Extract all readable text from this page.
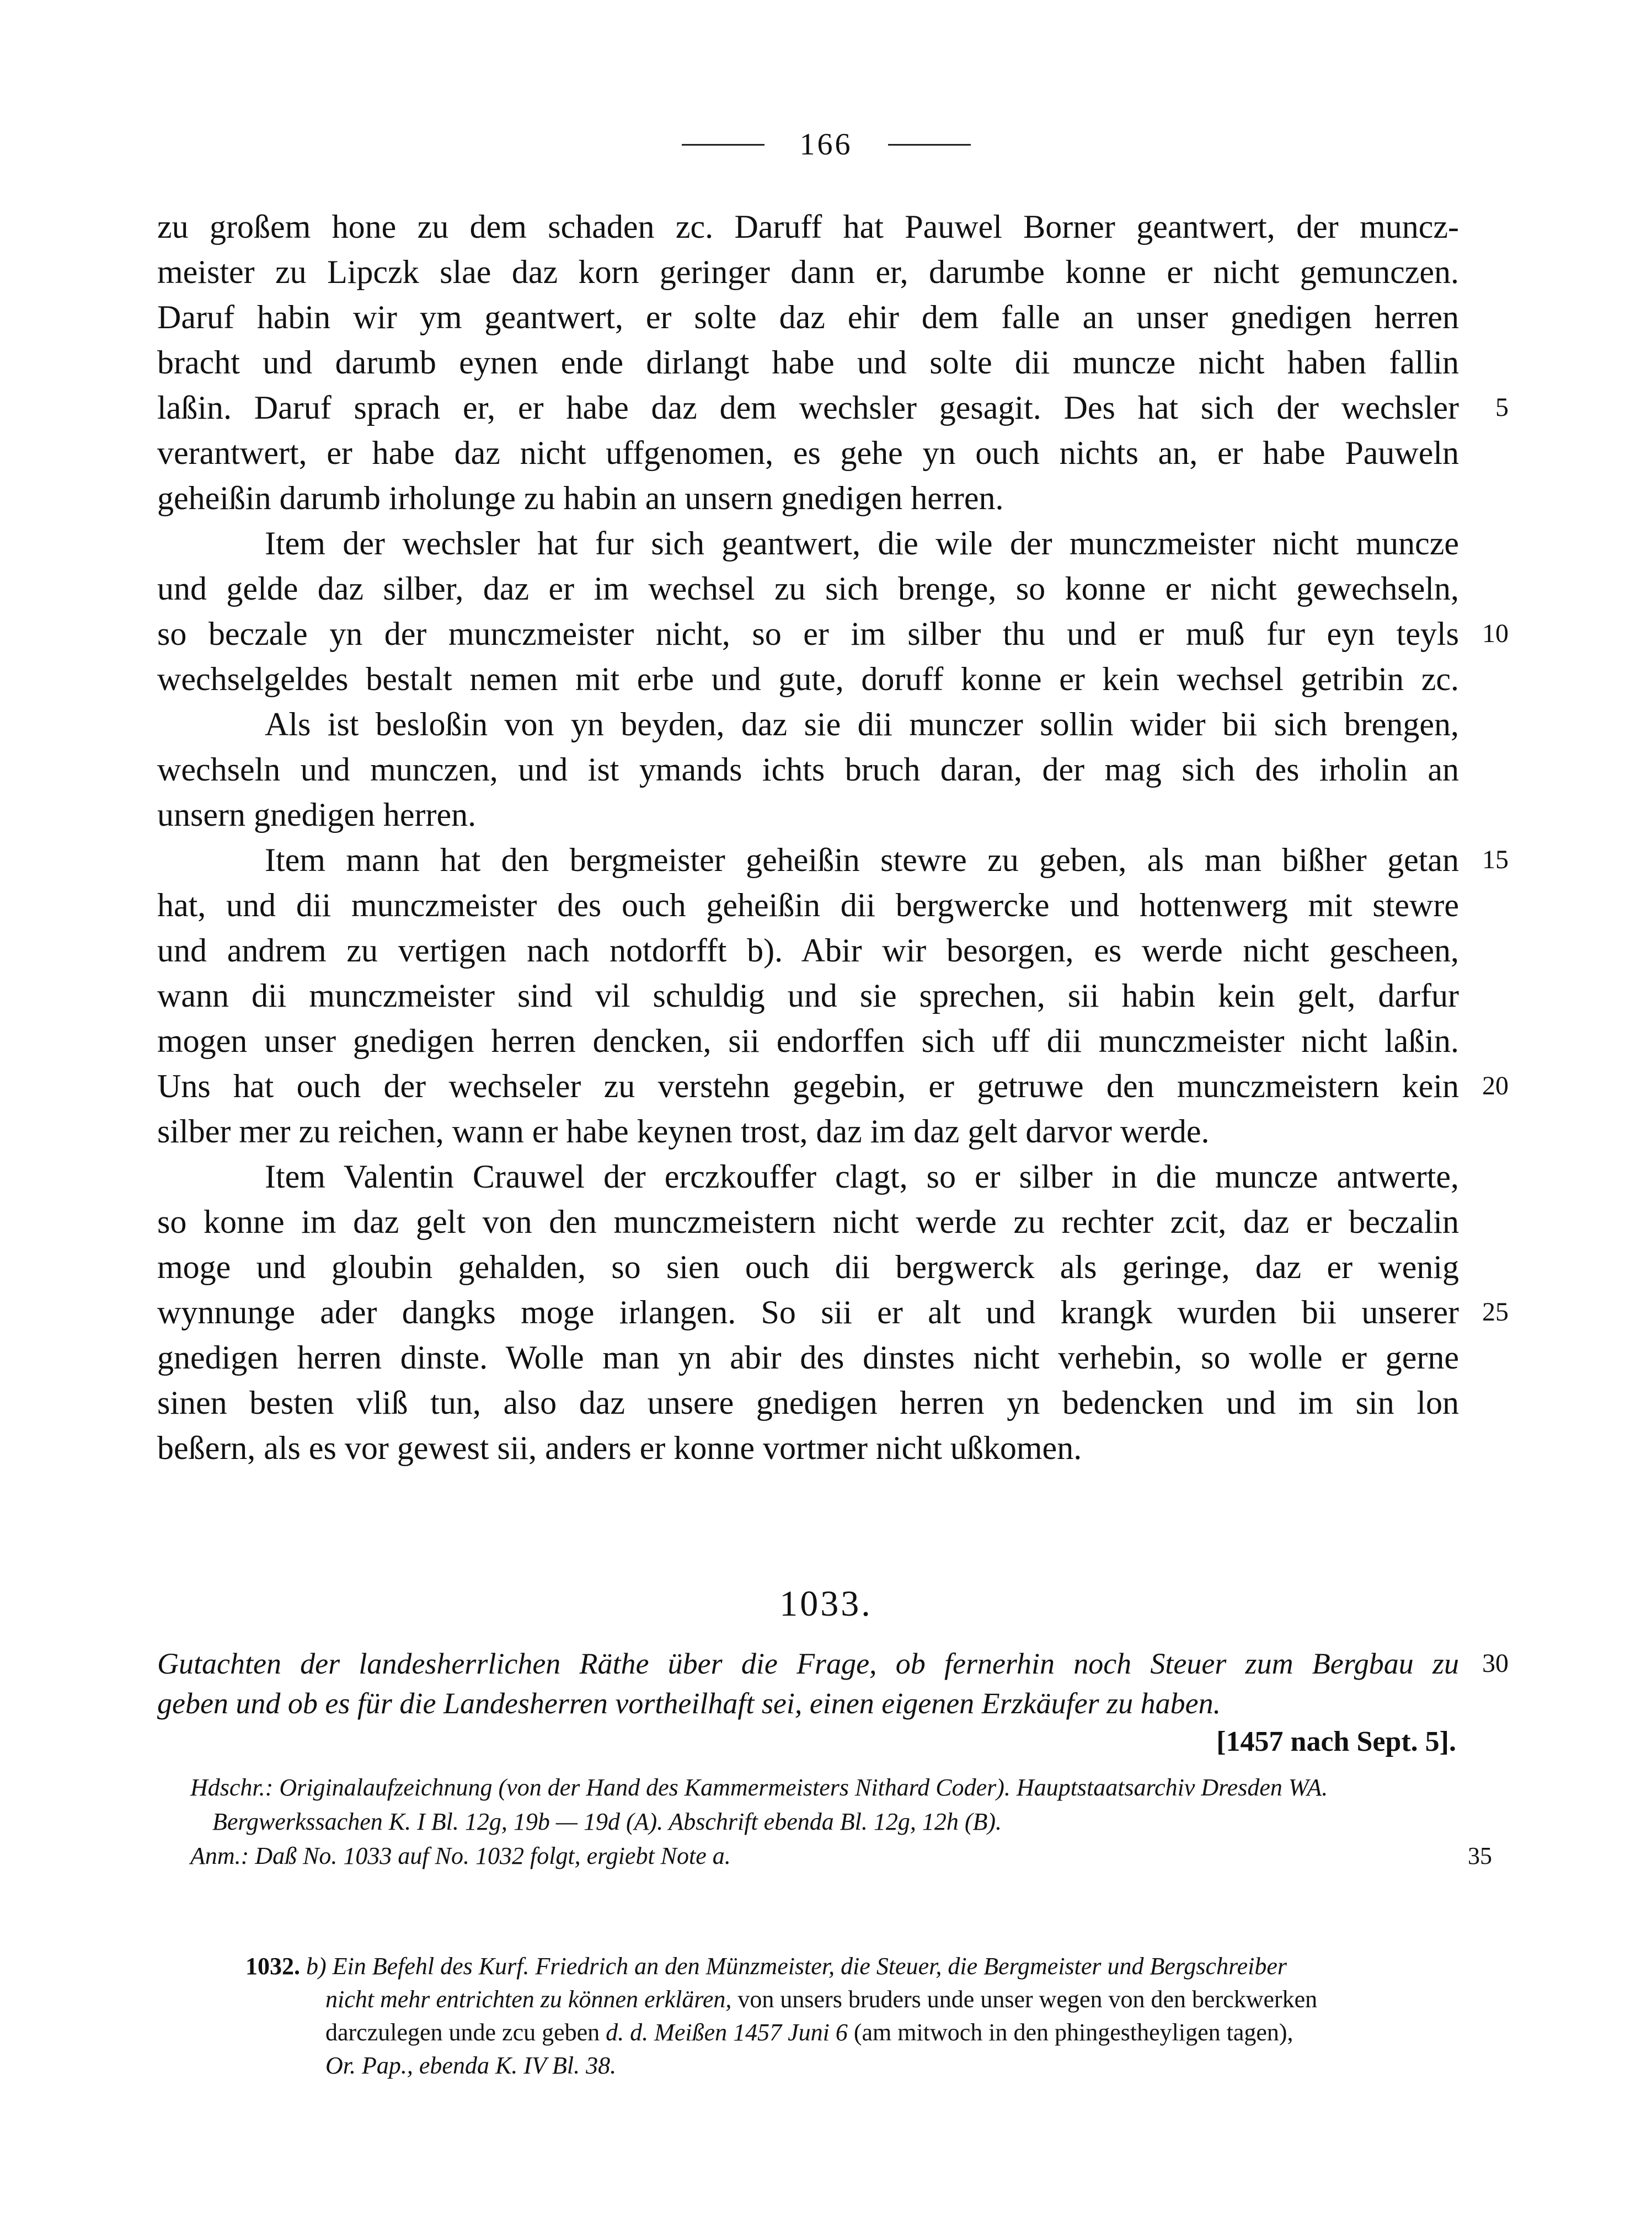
166
zu großem hone zu dem schaden zc. Daruff hat Pauwel Borner geantwert, der muncz-
meister zu Lipczk slae daz korn geringer dann er, darumbe konne er nicht gemunczen.
Daruf habin wir ym geantwert, er solte daz ehir dem falle an unser gnedigen herren
bracht und darumb eynen ende dirlangt habe und solte dii muncze nicht haben fallin
laßin. Daruf sprach er, er habe daz dem wechsler gesagit. Des hat sich der wechsler 5
verantwert, er habe daz nicht uffgenomen, es gehe yn ouch nichts an, er habe Pauweln
geheißin darumb irholunge zu habin an unsern gnedigen herren.
Item der wechsler hat fur sich geantwert, die wile der munczmeister nicht muncze
und gelde daz silber, daz er im wechsel zu sich brenge, so konne er nicht gewechseln,
so beczale yn der munczmeister nicht, so er im silber thu und er muß fur eyn teyls 10
wechselgeldes bestalt nemen mit erbe und gute, doruff konne er kein wechsel getribin zc.
Als ist besloßin von yn beyden, daz sie dii munczer sollin wider bii sich brengen,
wechseln und munczen, und ist ymands ichts bruch daran, der mag sich des irholin an
unsern gnedigen herren.
Item mann hat den bergmeister geheißin stewre zu geben, als man bißher getan 15
hat, und dii munczmeister des ouch geheißin dii bergwercke und hottenwerg mit stewre
und andrem zu vertigen nach notdorfft b). Abir wir besorgen, es werde nicht gescheen,
wann dii munczmeister sind vil schuldig und sie sprechen, sii habin kein gelt, darfur
mogen unser gnedigen herren dencken, sii endorffen sich uff dii munczmeister nicht laßin.
Uns hat ouch der wechseler zu verstehn gegebin, er getruwe den munczmeistern kein 20
silber mer zu reichen, wann er habe keynen trost, daz im daz gelt darvor werde.
Item Valentin Crauwel der erczkouffer clagt, so er silber in die muncze antwerte,
so konne im daz gelt von den munczmeistern nicht werde zu rechter zcit, daz er beczalin
moge und gloubin gehalden, so sien ouch dii bergwerck als geringe, daz er wenig
wynnunge ader dangks moge irlangen. So sii er alt und krangk wurden bii unserer 25
gnedigen herren dinste. Wolle man yn abir des dinstes nicht verhebin, so wolle er gerne
sinen besten vliß tun, also daz unsere gnedigen herren yn bedencken und im sin lon
beßern, als es vor gewest sii, anders er konne vortmer nicht ußkomen.
1033.
Gutachten der landesherrlichen Räthe über die Frage, ob fernerhin noch Steuer zum Bergbau zu 30
geben und ob es für die Landesherren vortheilhaft sei, einen eigenen Erzkäufer zu haben.
[1457 nach Sept. 5].
Hdschr.: Originalaufzeichnung (von der Hand des Kammermeisters Nithard Coder). Hauptstaatsarchiv Dresden WA.
Bergwerkssachen K. I Bl. 12g, 19b — 19d (A). Abschrift ebenda Bl. 12g, 12h (B).
Anm.: Daß No. 1033 auf No. 1032 folgt, ergiebt Note a.	35
1032. b) Ein Befehl des Kurf. Friedrich an den Münzmeister, die Steuer, die Bergmeister und Bergschreiber
nicht mehr entrichten zu können erklären, von unsers bruders unde unser wegen von den berckwerken
darczulegen unde zcu geben d. d. Meißen 1457 Juni 6 (am mitwoch in den phingestheyligen tagen),
Or. Pap., ebenda K. IV Bl. 38.
